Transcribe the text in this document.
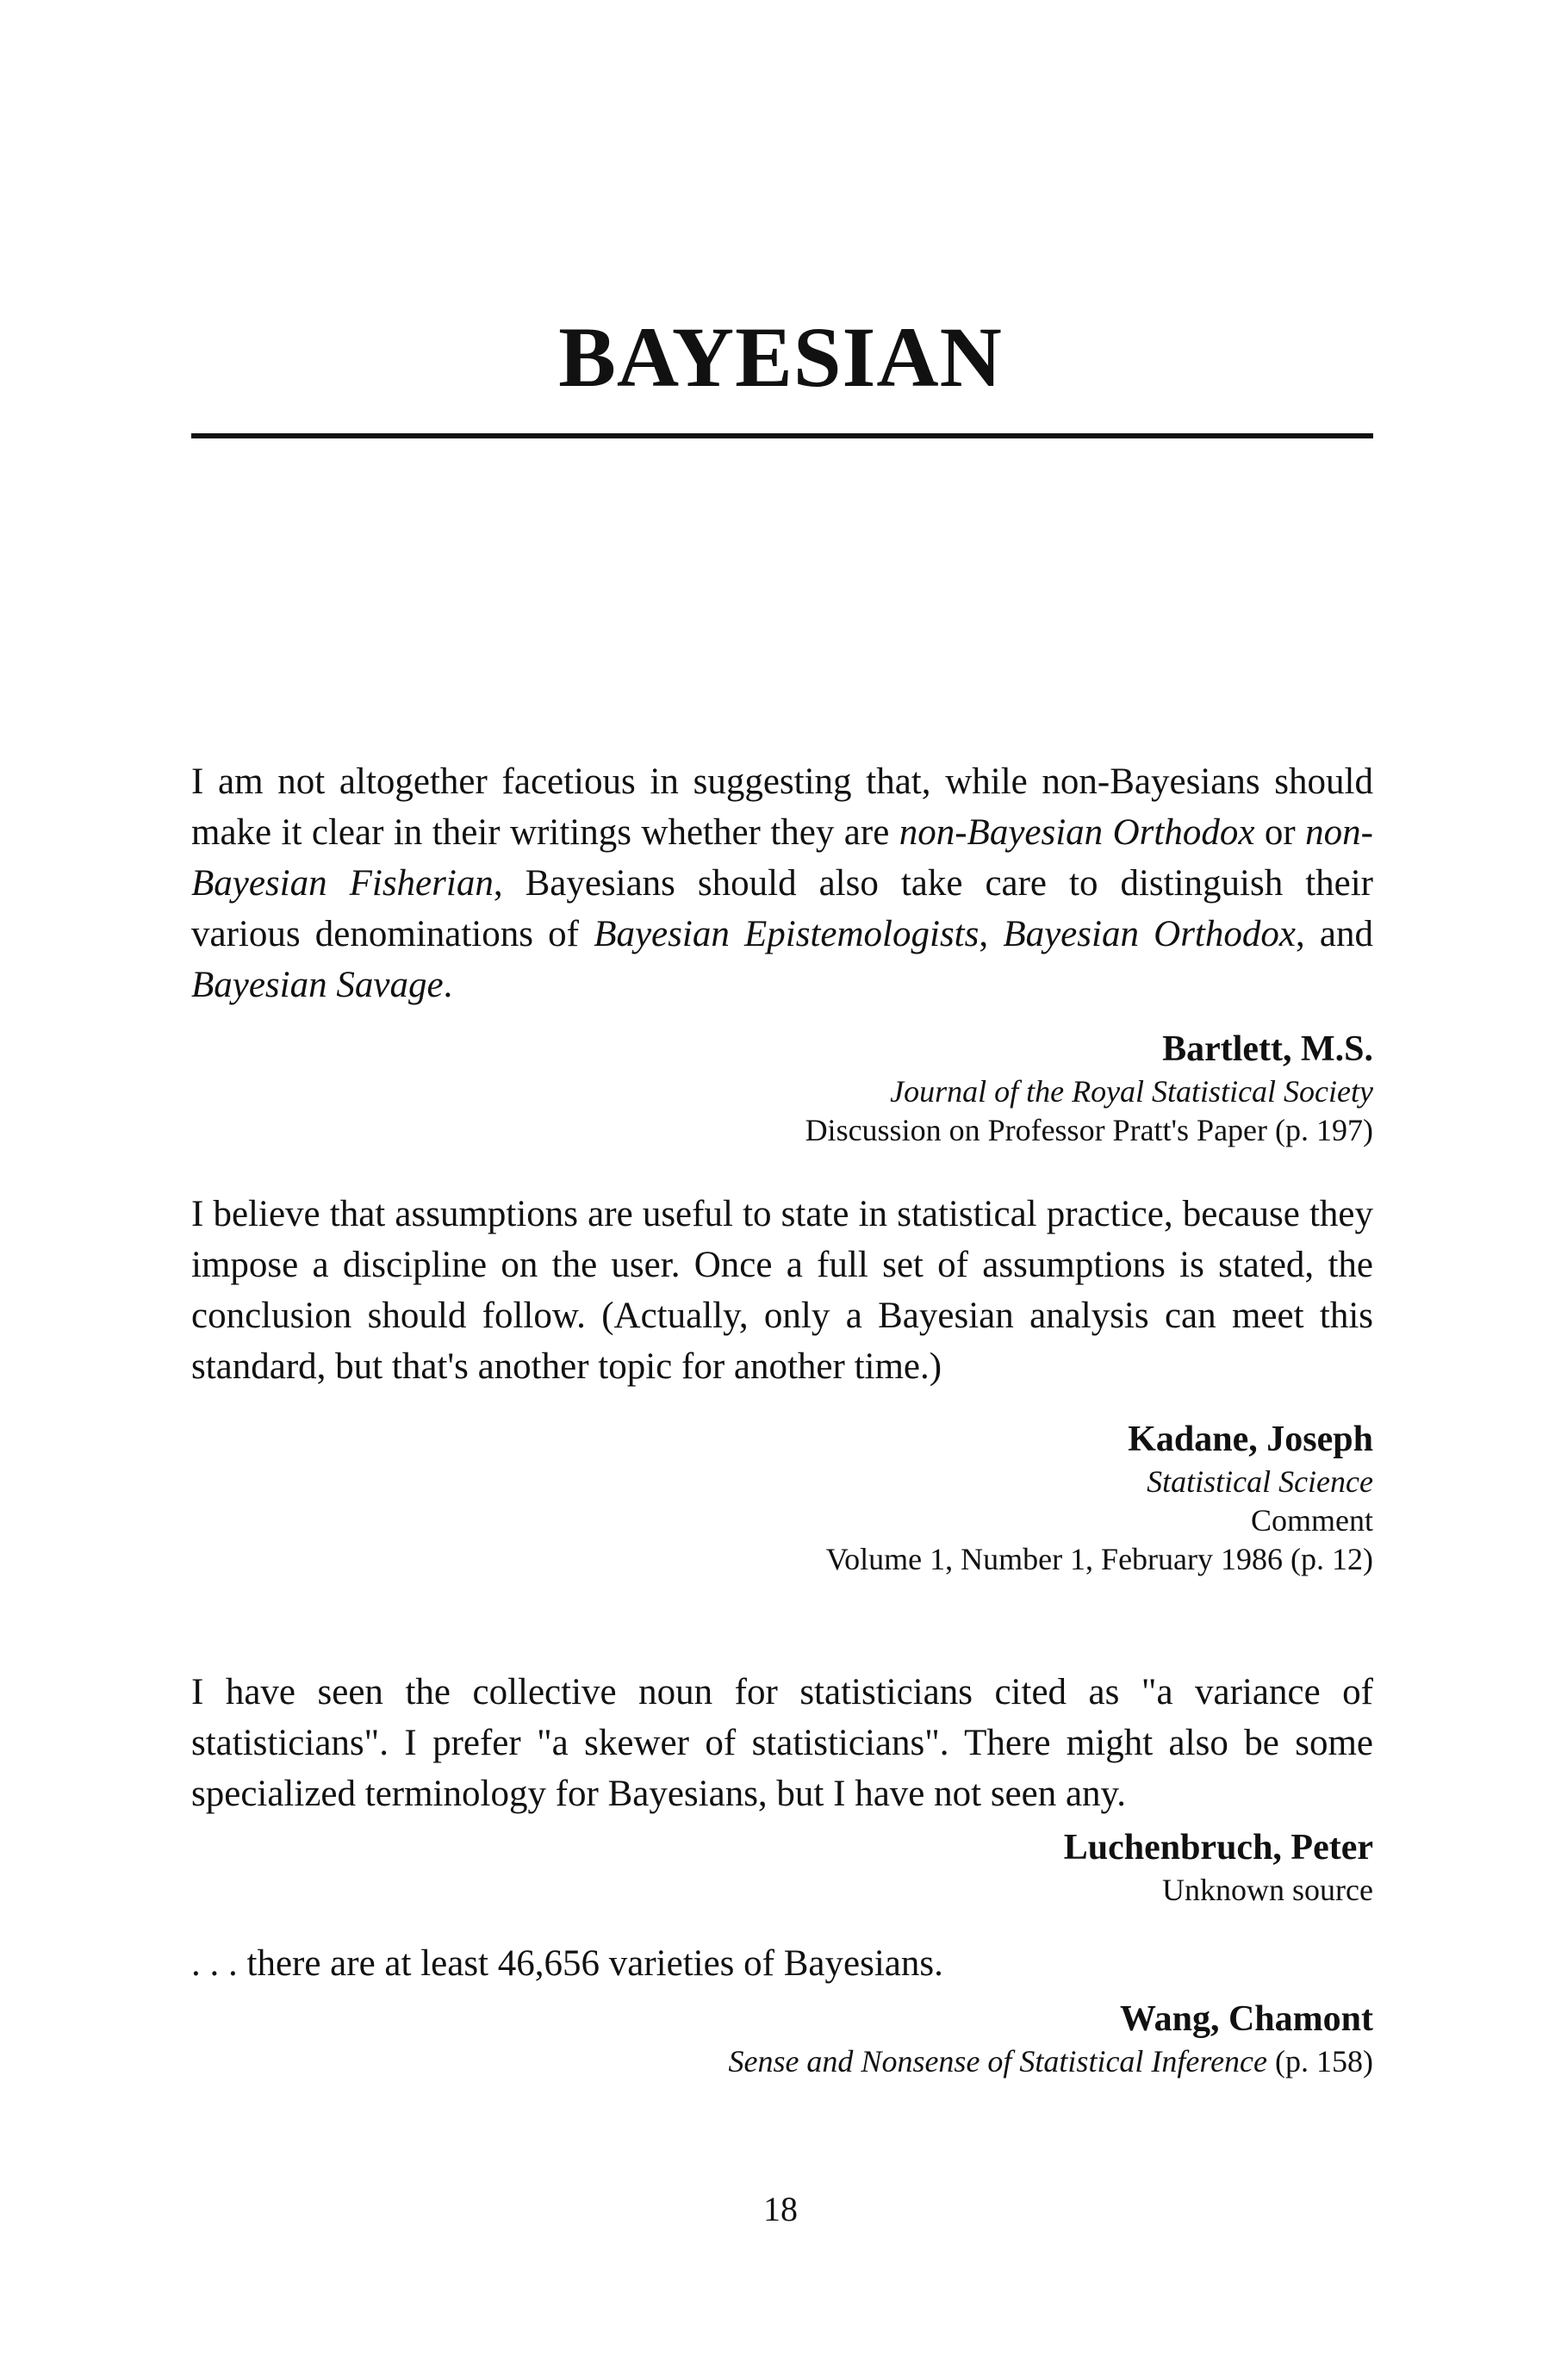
BAYESIAN

I am not altogether facetious in suggesting that, while non-Bayesians should make it clear in their writings whether they are non-Bayesian Orthodox or non-Bayesian Fisherian, Bayesians should also take care to distinguish their various denominations of Bayesian Epistemologists, Bayesian Orthodox, and Bayesian Savage.

Bartlett, M.S.
Journal of the Royal Statistical Society
Discussion on Professor Pratt's Paper (p. 197)

I believe that assumptions are useful to state in statistical practice, because they impose a discipline on the user. Once a full set of assumptions is stated, the conclusion should follow. (Actually, only a Bayesian analysis can meet this standard, but that's another topic for another time.)

Kadane, Joseph
Statistical Science
Comment
Volume 1, Number 1, February 1986 (p. 12)

I have seen the collective noun for statisticians cited as "a variance of statisticians". I prefer "a skewer of statisticians". There might also be some specialized terminology for Bayesians, but I have not seen any.

Luchenbruch, Peter
Unknown source

. . . there are at least 46,656 varieties of Bayesians.

Wang, Chamont
Sense and Nonsense of Statistical Inference (p. 158)
18
